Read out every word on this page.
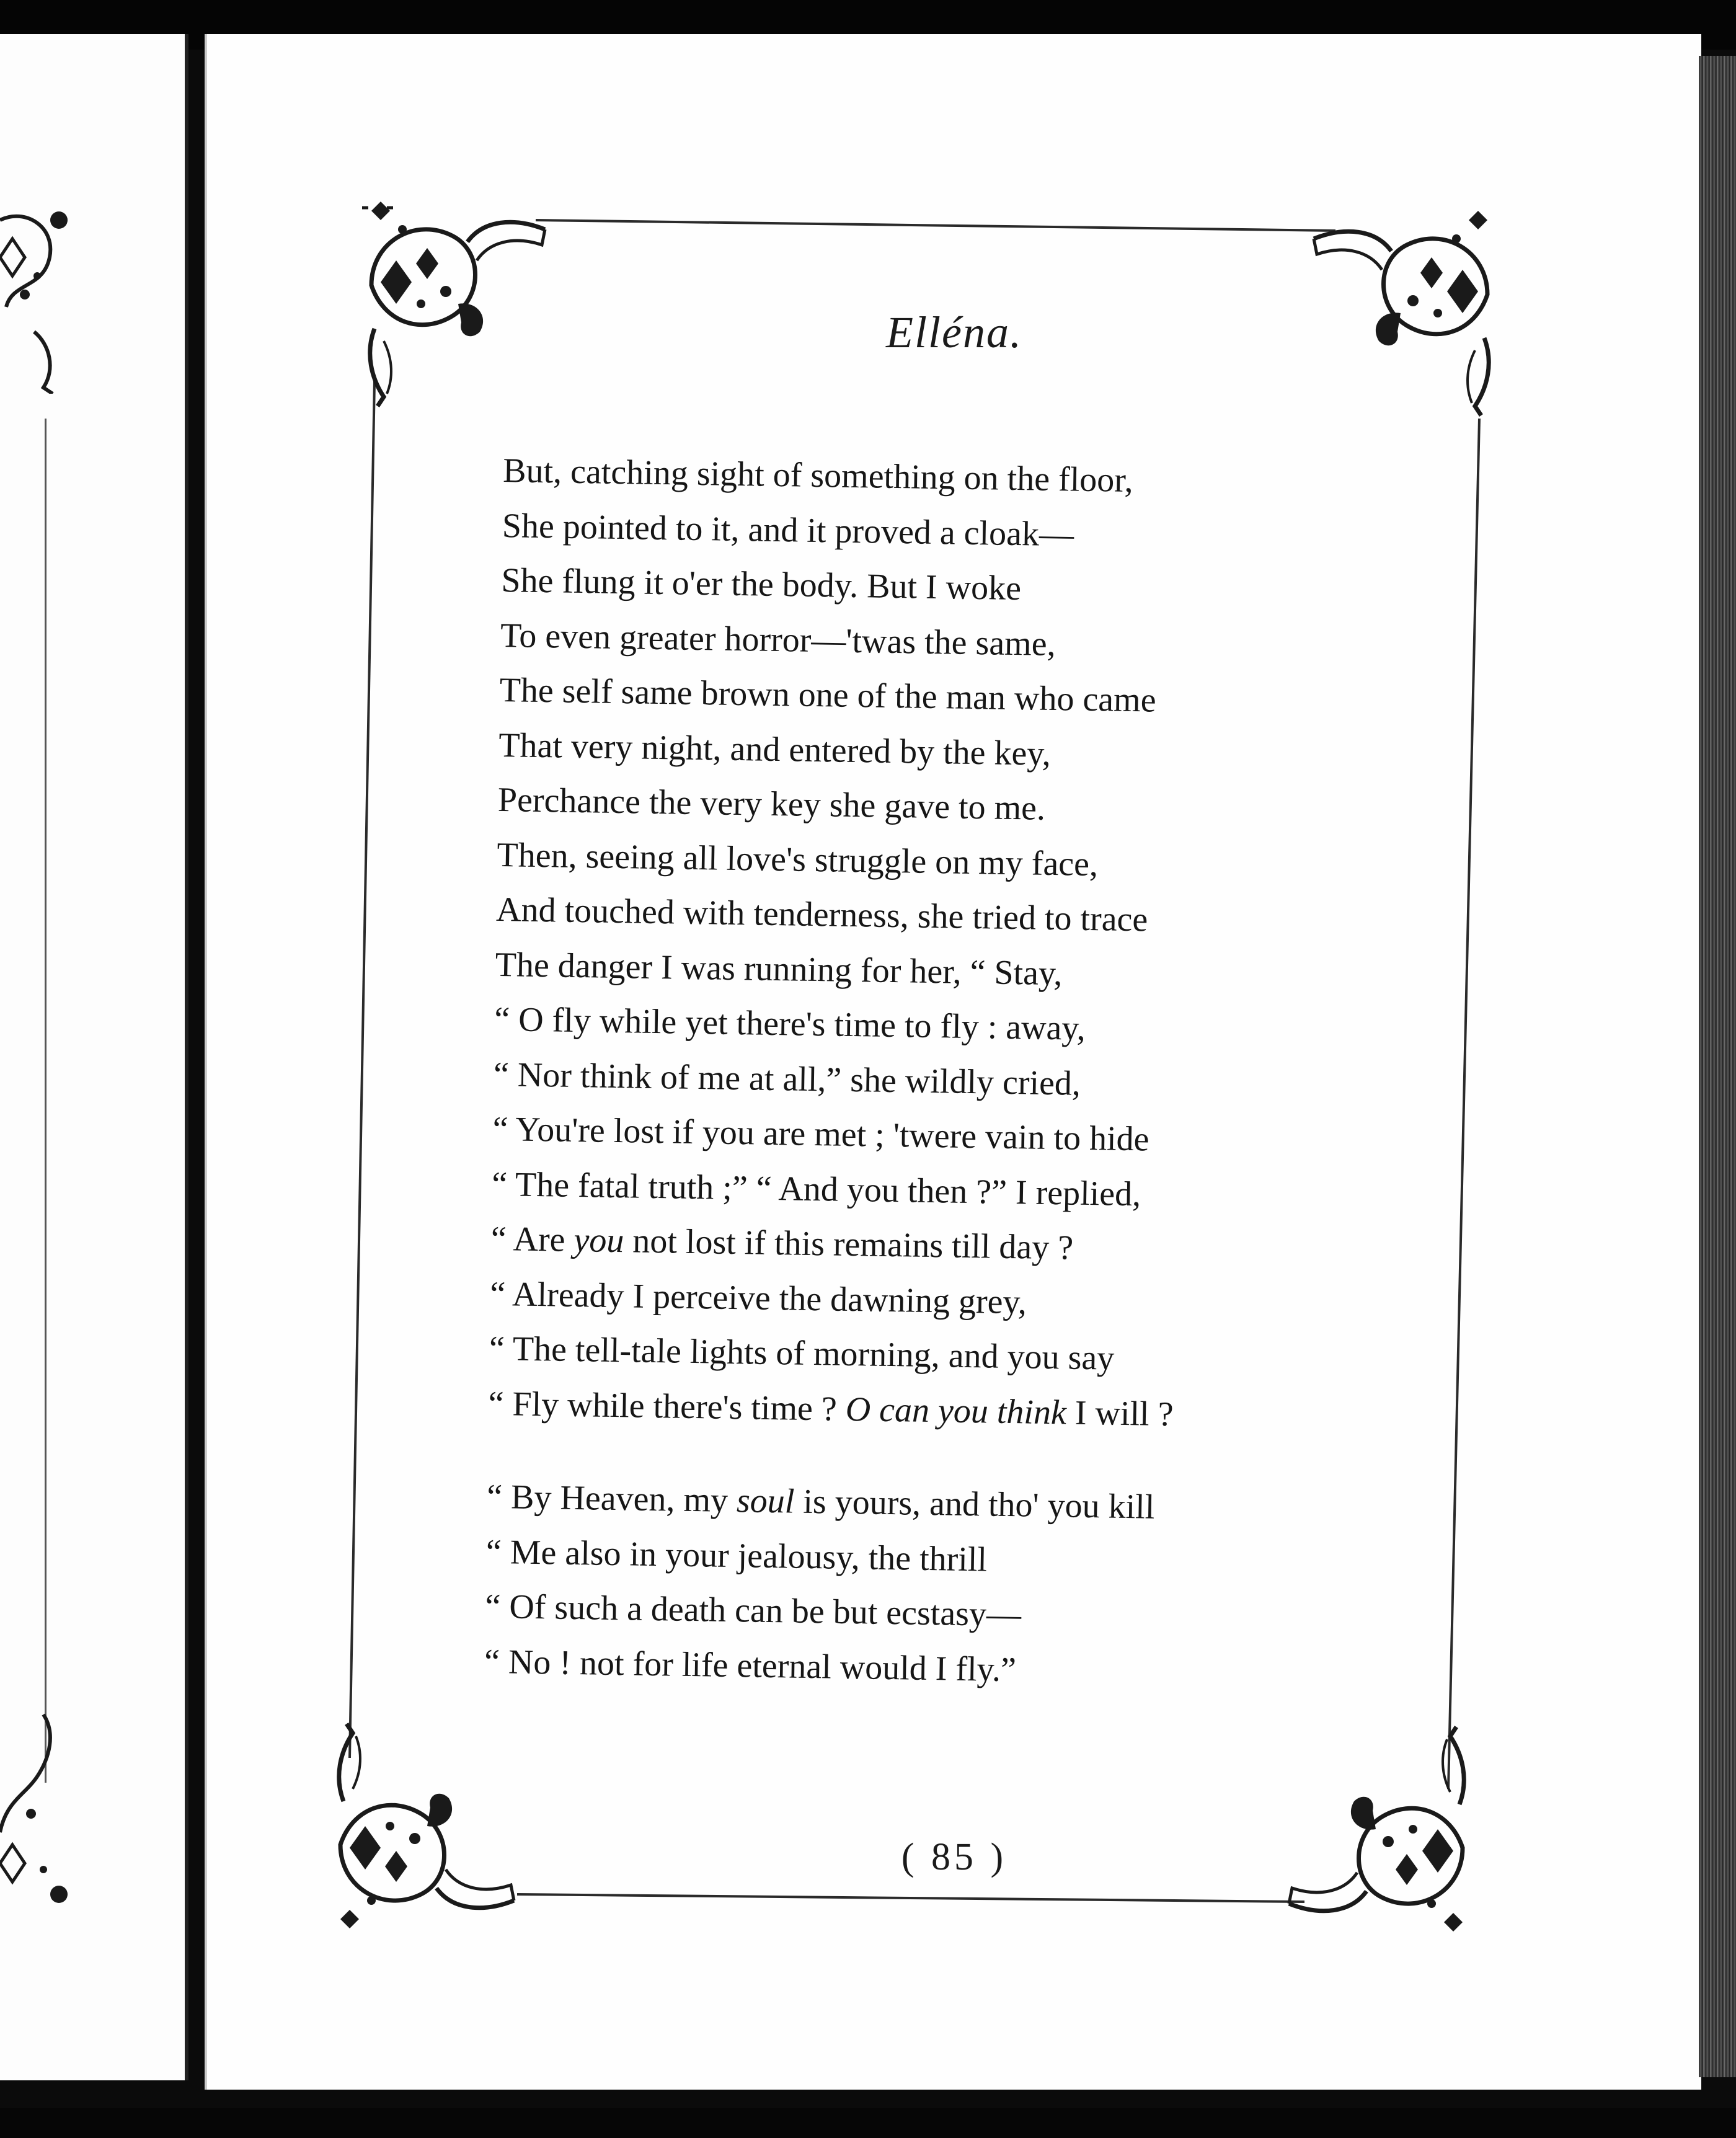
Elléna.
But, catching sight of something on the floor,
She pointed to it, and it proved a cloak—
She flung it o'er the body. But I woke
To even greater horror—'twas the same,
The self same brown one of the man who came
That very night, and entered by the key,
Perchance the very key she gave to me.
Then, seeing all love's struggle on my face,
And touched with tenderness, she tried to trace
The danger I was running for her, “ Stay,
“ O fly while yet there's time to fly : away,
“ Nor think of me at all,” she wildly cried,
“ You're lost if you are met ; 'twere vain to hide
“ The fatal truth ;” “ And you then ?” I replied,
“ Are you not lost if this remains till day ?
“ Already I perceive the dawning grey,
“ The tell-tale lights of morning, and you say
“ Fly while there's time ? O can you think I will ?
“ By Heaven, my soul is yours, and tho' you kill
“ Me also in your jealousy, the thrill
“ Of such a death can be but ecstasy—
“ No ! not for life eternal would I fly.”
( 85 )
